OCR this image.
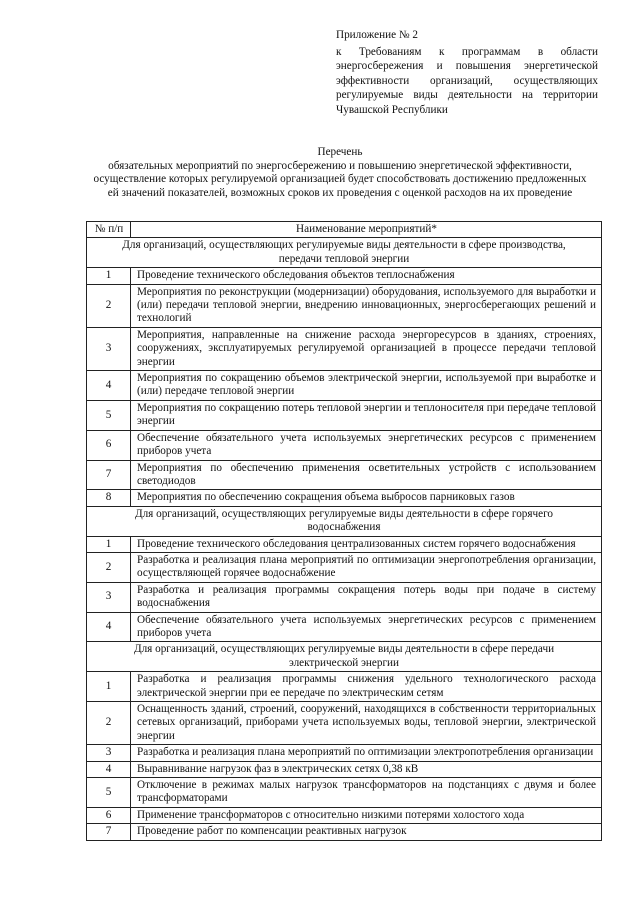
Приложение № 2
к Требованиям к программам в области энергосбережения и повышения энергетической эффективности организаций, осуществляющих регулируемые виды деятельности на территории Чувашской Республики
Перечень
обязательных мероприятий по энергосбережению и повышению энергетической эффективности, осуществление которых регулируемой организацией будет способствовать достижению предложенных ей значений показателей, возможных сроков их проведения с оценкой расходов на их проведение
№ п/п	Наименование мероприятий*
Для организаций, осуществляющих регулируемые виды деятельности в сфере производства, передачи тепловой энергии	
1	Проведение технического обследования объектов теплоснабжения
2	Мероприятия по реконструкции (модернизации) оборудования, используемого для выработки и (или) передачи тепловой энергии, внедрению инновационных, энергосберегающих решений и технологий
3	Мероприятия, направленные на снижение расхода энергоресурсов в зданиях, строениях, сооружениях, эксплуатируемых регулируемой организацией в процессе передачи тепловой энергии
4	Мероприятия по сокращению объемов электрической энергии, используемой при выработке и (или) передаче тепловой энергии
5	Мероприятия по сокращению потерь тепловой энергии и теплоносителя при передаче тепловой энергии
6	Обеспечение обязательного учета используемых энергетических ресурсов с применением приборов учета
7	Мероприятия по обеспечению применения осветительных устройств с использованием светодиодов
8	Мероприятия по обеспечению сокращения объема выбросов парниковых газов
Для организаций, осуществляющих регулируемые виды деятельности в сфере горячего водоснабжения	
1	Проведение технического обследования централизованных систем горячего водоснабжения
2	Разработка и реализация плана мероприятий по оптимизации энергопотребления организации, осуществляющей горячее водоснабжение
3	Разработка и реализация программы сокращения потерь воды при подаче в систему водоснабжения
4	Обеспечение обязательного учета используемых энергетических ресурсов с применением приборов учета
Для организаций, осуществляющих регулируемые виды деятельности в сфере передачи электрической энергии	
1	Разработка и реализация программы снижения удельного технологического расхода электрической энергии при ее передаче по электрическим сетям
2	Оснащенность зданий, строений, сооружений, находящихся в собственности территориальных сетевых организаций, приборами учета используемых воды, тепловой энергии, электрической энергии
3	Разработка и реализация плана мероприятий по оптимизации электропотребления организации
4	Выравнивание нагрузок фаз в электрических сетях 0,38 кВ
5	Отключение в режимах малых нагрузок трансформаторов на подстанциях с двумя и более трансформаторами
6	Применение трансформаторов с относительно низкими потерями холостого хода
7	Проведение работ по компенсации реактивных нагрузок
